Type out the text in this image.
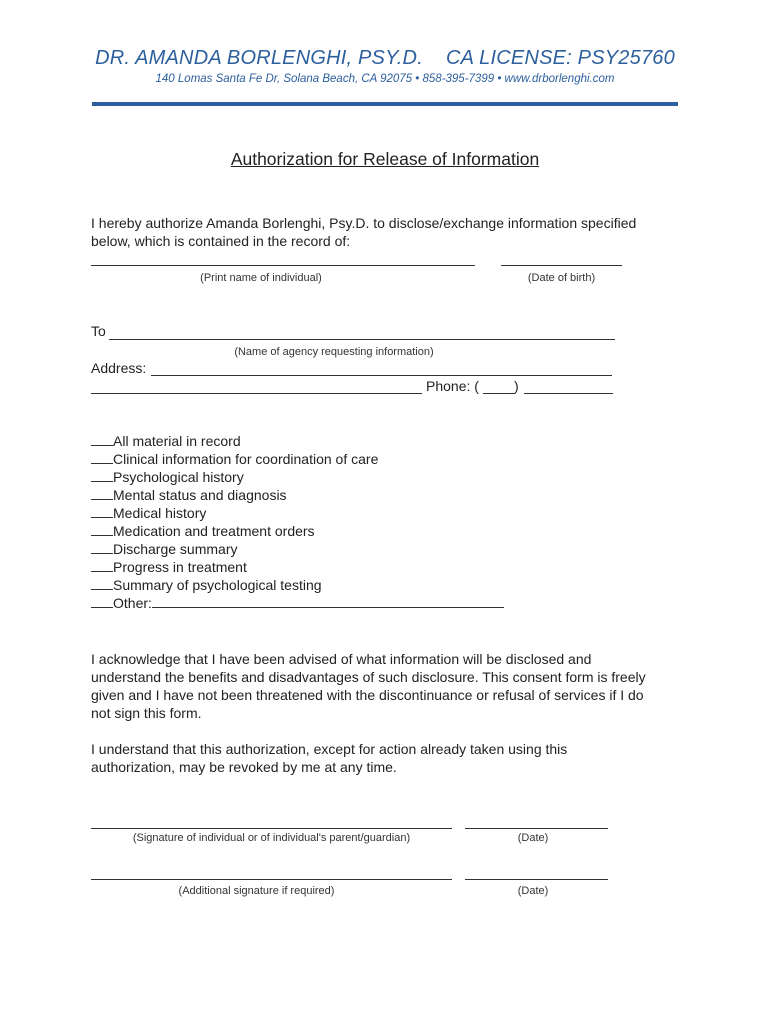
DR. AMANDA BORLENGHI, PSY.D.    CA LICENSE: PSY25760
140 Lomas Santa Fe Dr, Solana Beach, CA 92075 • 858-395-7399 • www.drborlenghi.com
Authorization for Release of Information
I hereby authorize Amanda Borlenghi, Psy.D. to disclose/exchange information specified below, which is contained in the record of:
(Print name of individual)	(Date of birth)
To
(Name of agency requesting information)
Address:
Phone: (	)
All material in record
Clinical information for coordination of care
Psychological history
Mental status and diagnosis
Medical history
Medication and treatment orders
Discharge summary
Progress in treatment
Summary of psychological testing
Other:
I acknowledge that I have been advised of what information will be disclosed and understand the benefits and disadvantages of such disclosure. This consent form is freely given and I have not been threatened with the discontinuance or refusal of services if I do not sign this form.
I understand that this authorization, except for action already taken using this authorization, may be revoked by me at any time.
(Signature of individual or of individual's parent/guardian)	(Date)
(Additional signature if required)	(Date)
